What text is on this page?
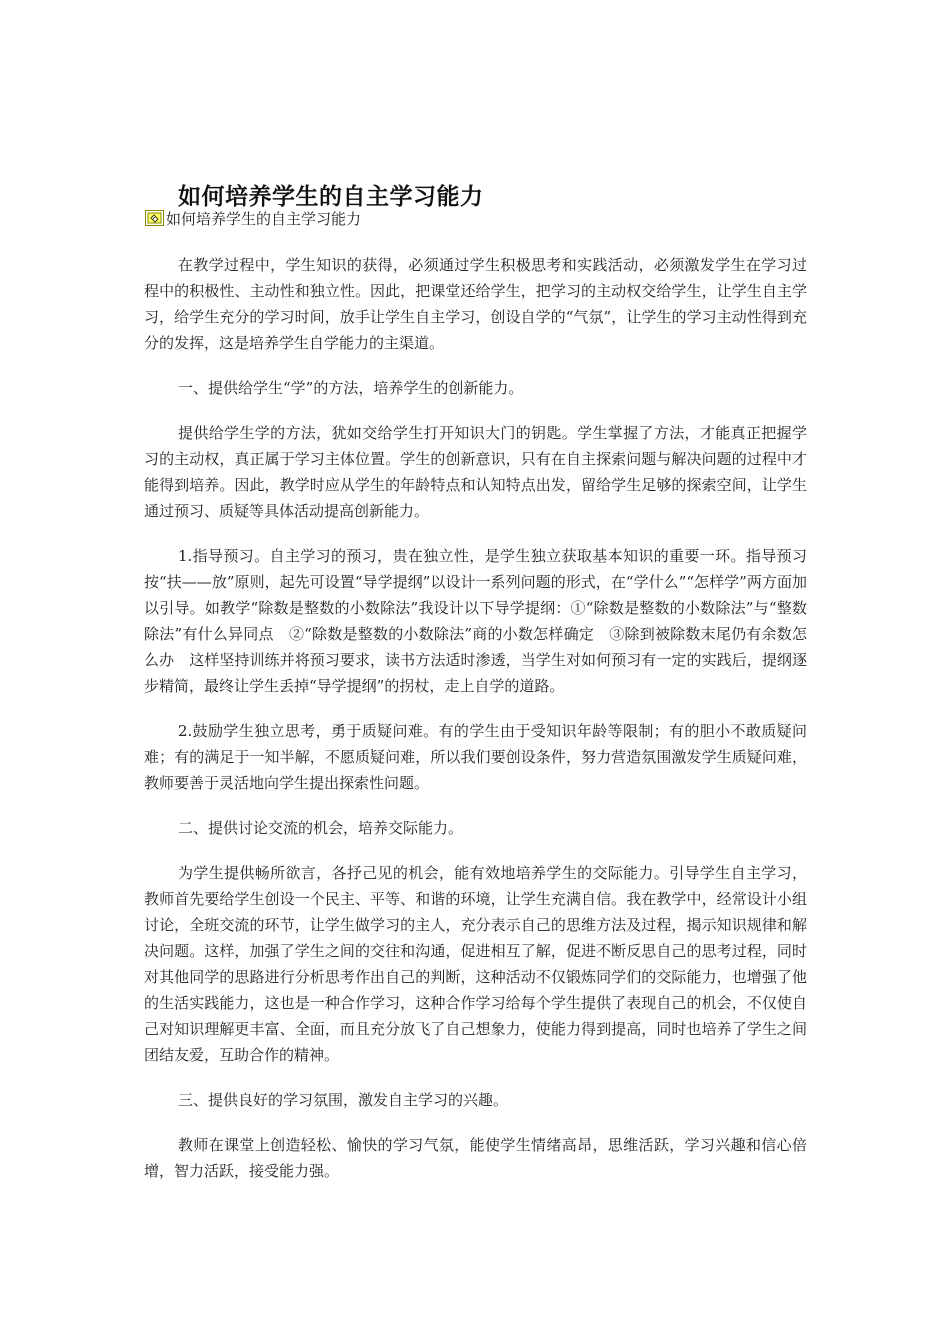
如何培养学生的自主学习能力
如何培养学生的自主学习能力

在教学过程中，学生知识的获得，必须通过学生积极思考和实践活动，必须激发学生在学习过程中的积极性、主动性和独立性。因此，把课堂还给学生，把学习的主动权交给学生，让学生自主学习，给学生充分的学习时间，放手让学生自主学习，创设自学的“气氛”，让学生的学习主动性得到充分的发挥，这是培养学生自学能力的主渠道。

一、提供给学生“学”的方法，培养学生的创新能力。

提供给学生学的方法，犹如交给学生打开知识大门的钥匙。学生掌握了方法，才能真正把握学习的主动权，真正属于学习主体位置。学生的创新意识，只有在自主探索问题与解决问题的过程中才能得到培养。因此，教学时应从学生的年龄特点和认知特点出发，留给学生足够的探索空间，让学生通过预习、质疑等具体活动提高创新能力。

1.指导预习。自主学习的预习，贵在独立性，是学生独立获取基本知识的重要一环。指导预习按“扶——放”原则，起先可设置“导学提纲”以设计一系列问题的形式，在“学什么”“怎样学”两方面加以引导。如教学“除数是整数的小数除法”我设计以下导学提纲：①“除数是整数的小数除法”与“整数除法”有什么异同点　②“除数是整数的小数除法”商的小数怎样确定　③除到被除数末尾仍有余数怎么办　这样坚持训练并将预习要求，读书方法适时渗透，当学生对如何预习有一定的实践后，提纲逐步精简，最终让学生丢掉“导学提纲”的拐杖，走上自学的道路。

2.鼓励学生独立思考，勇于质疑问难。有的学生由于受知识年龄等限制；有的胆小不敢质疑问难；有的满足于一知半解，不愿质疑问难，所以我们要创设条件，努力营造氛围激发学生质疑问难，教师要善于灵活地向学生提出探索性问题。

二、提供讨论交流的机会，培养交际能力。

为学生提供畅所欲言，各抒己见的机会，能有效地培养学生的交际能力。引导学生自主学习，教师首先要给学生创设一个民主、平等、和谐的环境，让学生充满自信。我在教学中，经常设计小组讨论，全班交流的环节，让学生做学习的主人，充分表示自己的思维方法及过程，揭示知识规律和解决问题。这样，加强了学生之间的交往和沟通，促进相互了解，促进不断反思自己的思考过程，同时对其他同学的思路进行分析思考作出自己的判断，这种活动不仅锻炼同学们的交际能力，也增强了他的生活实践能力，这也是一种合作学习，这种合作学习给每个学生提供了表现自己的机会，不仅使自己对知识理解更丰富、全面，而且充分放飞了自己想象力，使能力得到提高，同时也培养了学生之间团结友爱，互助合作的精神。

三、提供良好的学习氛围，激发自主学习的兴趣。

教师在课堂上创造轻松、愉快的学习气氛，能使学生情绪高昂，思维活跃，学习兴趣和信心倍增，智力活跃，接受能力强。
